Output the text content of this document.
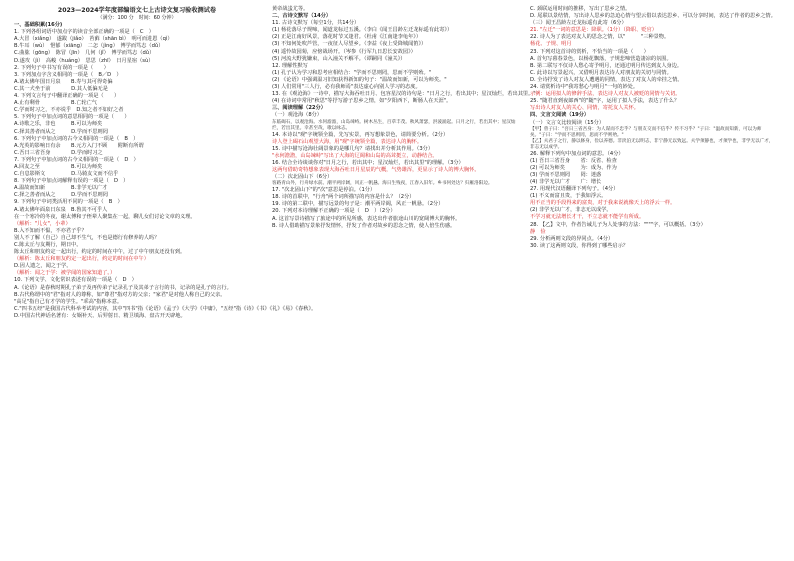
2023—2024学年度部编语文七上古诗文复习验收测试卷
（满分：100 分　时间：60 分钟）
一、基础积累(16分)
1. 下列各组词语中加点字的读音全部正确的一项是（　C　）
A.大冒（xiǎng）　遂跋（jiǎo）　苔藓（shān bì）　明可而进恩（qì）
B.牛耳（wù）　悒郁（xiāng）　二怎（jìng）　博学而笃志（dǔ）
C.曲肱（gōng）　陈冒（jīn）　几何（jǐ）　博学而笃志（dǔ）
D.遂攻（jì）　高峻（huáng）　思思（zhī）　日月星宿（sù）
2. 下列句子中书写有误的一项是（　　）
3. 下列加点字含义相同的一项是（　B／D　）
A.诸太佛年国日月泉　　B.寿与其可得奇偏
C.其一犬坐于前　　　　D.其人低偏无是
4. 下列文言句子中翻译正确的一项是（　　）
A.止有剩骨　　　　　　B.亡轮亡气
C.学而时习之，不亦说乎　D.知之者不如好之者
5. 下列句子中加点词的意思相同的一项是（　　）
A.诗歌之乐，非也　　　B.可以为师矣
C.择其善者而从之　　　D.学而不思则罔
6. 下列句子中加点词的古今义相同的一项是（　B　）
A.光英的影响日有余　　B.元方入门不顾　　附断有所谓
C.吾日三省吾身　　　　D.学而时习之
7. 下列句子中加点词的古今义相同的一项是（　D　）
A.回友之至　　　　　　B.可以为师矣
C.自息影斯文　　　　　D.马骑友文而不信乎
8. 下列句子中加点词解释有误的一项是（　D　）
A.温故而知新　　　　　B.非学无以广才
C.择之善者而从之　　　D.学而不思则罔
9. 下列句子中词类活用不同的一项是（　B　）
A.诸太佛年面泉日东泉　B.鲁其不可乎人
在一个寒冷的冬夜，谢太傅和子侄辈人聚集在一起，聊儿女们讨论文章的义理。
（解析："儿女"，小辈）
B.入不知而不愠，不亦君子乎？
别人不了解（自己）自己却不生气，不也是德行有修养的人吗？
C.陈太丘与友期行，期日中。
陈太丘和朋友约定一起出行，约定的时间在中午，过了中午朋友还没有到。
（解析：陈太丘和朋友约定一起出行，约定的时间在中午）
D.因人遗之，闻之于学。
（解析：闻之于学：被学闻的国家知道了。）
10. 下列文学、文化常识表述有误的一项是（　D　）
A.《论语》是春秋时期孔子弟子及再传弟子记录孔子及其弟子言行的书，记录的是孔子的言行。
B.古代称谓中的"君"指对人的尊称，如"尊君"指对方的父亲；"家君"是对他人称自己的父亲。
"高足"指自己有才学的学生。"乖高"指称本意。
C."四书五经"是我国古代科举考试的内容，其中"四书"指《论语》《孟子》《大学》《中庸》，"五经"指《诗》《书》《礼》《易》《春秋》。
D.中国古代神话名著有：女娲补天、后羿射日、精卫填海、盘古开天辟地。
黄帝战蚩尤等。
二、古诗文默写（14分）
11. 古诗文默写（每空1分，共14分）
(1) 杨花落尽子规啼，闻道龙标过五溪。（李白《闻王昌龄左迁龙标遥有此寄》）
(2) 正是江南好风景，落花时节又逢君。（杜甫《江南逢李龟年》）
(3) 不知何处吹芦管，一夜征人尽望乡。（李益《夜上受降城闻笛》）
(4) 遥怜故园菊，应傍战场开。（岑参《行军九日思长安故园》）
(5) 河流大野犹嫌束，山入潼关不解平。（谭嗣同《潼关》）
12. 理解性默写
(1) 孔子认为学习和思考应相结合："学而不思则罔，思而不学则殆。"
(2) 《论语》中强调温习旧知获得新知的句子："温故而知新，可以为师矣。"
(3) 人们常用"三人行，必有我师焉"表达虚心向别人学习的态度。
13. 在《观沧海》一诗中，描写大海吞吐日月、包容星汉的诗句是："日月之行，若出其中；星汉灿烂，若出其里。"
(4) 在诗词中常用"秋思"等抒写游子思乡之情，如"夕阳西下，断肠人在天涯"。
三、阅读理解（22分）
（一）观沧海（8分）
东临碣石，以观沧海。水何澹澹，山岛竦峙。树木丛生，百草丰茂。秋风萧瑟，洪波涌起。日月之行，若出其中；星汉灿烂，若出其里。幸甚至哉，歌以咏志。
14. 本诗以"观"字统领全篇，先写实景，再写想象景色，请简要分析。（2分）
诗人登上碣石山观望大海，用"观"字统领全篇，表达诗人的胸怀。
15. 诗中描写沧海壮阔景象的是哪几句？请找出并分析其作用。（3分）
"水何澹澹，山岛竦峙"写出了大海的辽阔和山岛的高耸挺立，动静结合。
16. 结合全诗谈谈你对"日月之行，若出其中；星汉灿烂，若出其里"的理解。（3分）
这两句借助奇特想象表现大海吞吐日月星辰的气概，气势雄浑，更显示了诗人的博大胸怀。
（二）次北固山下（6分）
客路青山外，行舟绿水前。潮平两岸阔，风正一帆悬。海日生残夜，江春入旧年。乡书何处达？归雁洛阳边。
17. "次北固山下"的"次"意思是停泊。（1分）
18. 诗的首联中，"行舟"两个词所描写的内容是什么？（2分）
19. 诗的第二联中，描写远景的句子是：潮平两岸阔，风正一帆悬。（2分）
20. 下列对本诗理解不正确的一项是（　D　）（2分）
A. 这首写景诗描写了旅途中的所见所感，表达出作者旅途山川的宽阔博大的胸怀。
B. 诗人借助描写景象抒发情怀，抒发了作者对故乡的思念之情，使人倍生伤感。
C. 颈联运用时间的推移，写出了思乡之情。
D. 尾联以景结情，写出诗人思乡的急迫心情与望云借以表达思乡、可以分享时间，表达了作者的思乡之情。
（三）闻王昌龄左迁龙标遥有此寄（6分）
21. "左迁"一词的意思是：降职。（1分）（降职、贬官）
22. 诗人为了表达对友人的思念之情，以"　　　"三种景物。
杨花、子规、明月
23. 下列对这首诗的赏析，不恰当的一项是（　　）
A. 首句写暮春景色，以杨花飘落，子规悲啼营造凄凉的氛围。
B. 第二联写不仅诗人愁心寄予明月，还通过明月传达到友人身边。
C. 此诗以写景起兴，又借明月表达诗人对朋友的关切与同情。
D. 全诗抒发了诗人对友人遭遇的同情，表达了对友人的牵挂之情。
24. 请赏析诗中"我寄愁心与明月"一句的妙处。
示例：运用拟人的修辞手法，表达诗人对友人被贬的同情与关切。
25. "随君直到夜郎西"的"随"字，运用了拟人手法，表达了什么？
写出诗人对友人的关心、同情，寄托友人关怀。
四、文言文阅读（19分）
（一）文言文比较阅读（15分）
【甲】曾子曰："吾日三省吾身：为人谋而不忠乎？与朋友交而不信乎？传不习乎？"子曰："温故而知新，可以为师矣。"子曰："学而不思则罔，思而不学则殆。"
【乙】夫君子之行，静以修身，俭以养德。非淡泊无以明志，非宁静无以致远。夫学须静也，才须学也，非学无以广才，非志无以成学。
26. 解释下列句中加点词的意思。（4分）
(1) 吾日三省吾身　　省：反省、检查
(2) 可以为师矣　　　为：成为、作为
(3) 学而不思则罔　　罔：迷惑
(4) 非学无以广才　　广：增长
27. 用现代汉语翻译下列句子。（4分）
(1) 不义而富且贵，于我如浮云。
用不正当的手段得来的富贵，对于我来说就像天上的浮云一样。
(2) 非学无以广才，非志无以成学。
不学习就无法增长才干，不立志就不能学有所成。
28. 【乙】文中，作者告诫儿子为人处事的方法：""""字，可以概括。（3分）
静　俭
29. 分析两则文段的异同点。（4分）
30. 读了这两则文段，你得到了哪些启示？
